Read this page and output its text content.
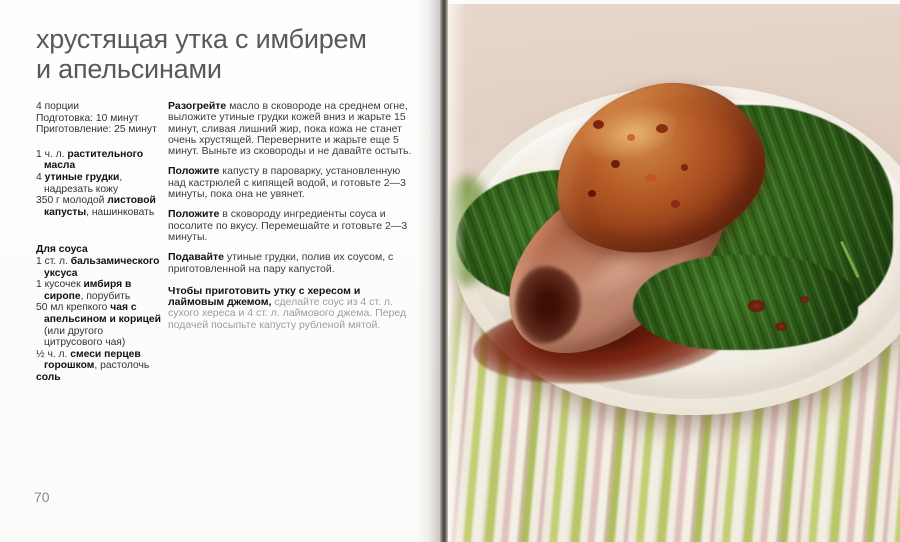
хрустящая утка с имбирем
и апельсинами
4 порции
Подготовка: 10 минут
Приготовление: 25 минут
1 ч. л. растительного масла
4 утиные грудки, надрезать кожу
350 г молодой листовой капусты, нашинковать

Для соуса

1 ст. л. бальзамического уксуса
1 кусочек имбиря в сиропе, порубить
50 мл крепкого чая с апельсином и корицей (или другого цитрусового чая)
½ ч. л. смеси перцев горошком, растолочь
соль

Разогрейте масло в сковороде на среднем огне, выложите утиные грудки кожей вниз и жарьте 15 минут, сливая лишний жир, пока кожа не станет очень хрустящей. Переверните и жарьте еще 5 минут. Выньте из сковороды и не давайте остыть.

Положите капусту в пароварку, установленную над кастрюлей с кипящей водой, и готовьте 2—3 минуты, пока она не увянет.

Положите в сковороду ингредиенты соуса и посолите по вкусу. Перемешайте и готовьте 2—3 минуты.

Подавайте утиные грудки, полив их соусом, с приготовленной на пару капустой.

Чтобы приготовить утку с хересом и лаймовым джемом, сделайте соус из 4 ст. л. сухого хереса и 4 ст. л. лаймового джема. Перед подачей посыпьте капусту рубленой мятой.

70
